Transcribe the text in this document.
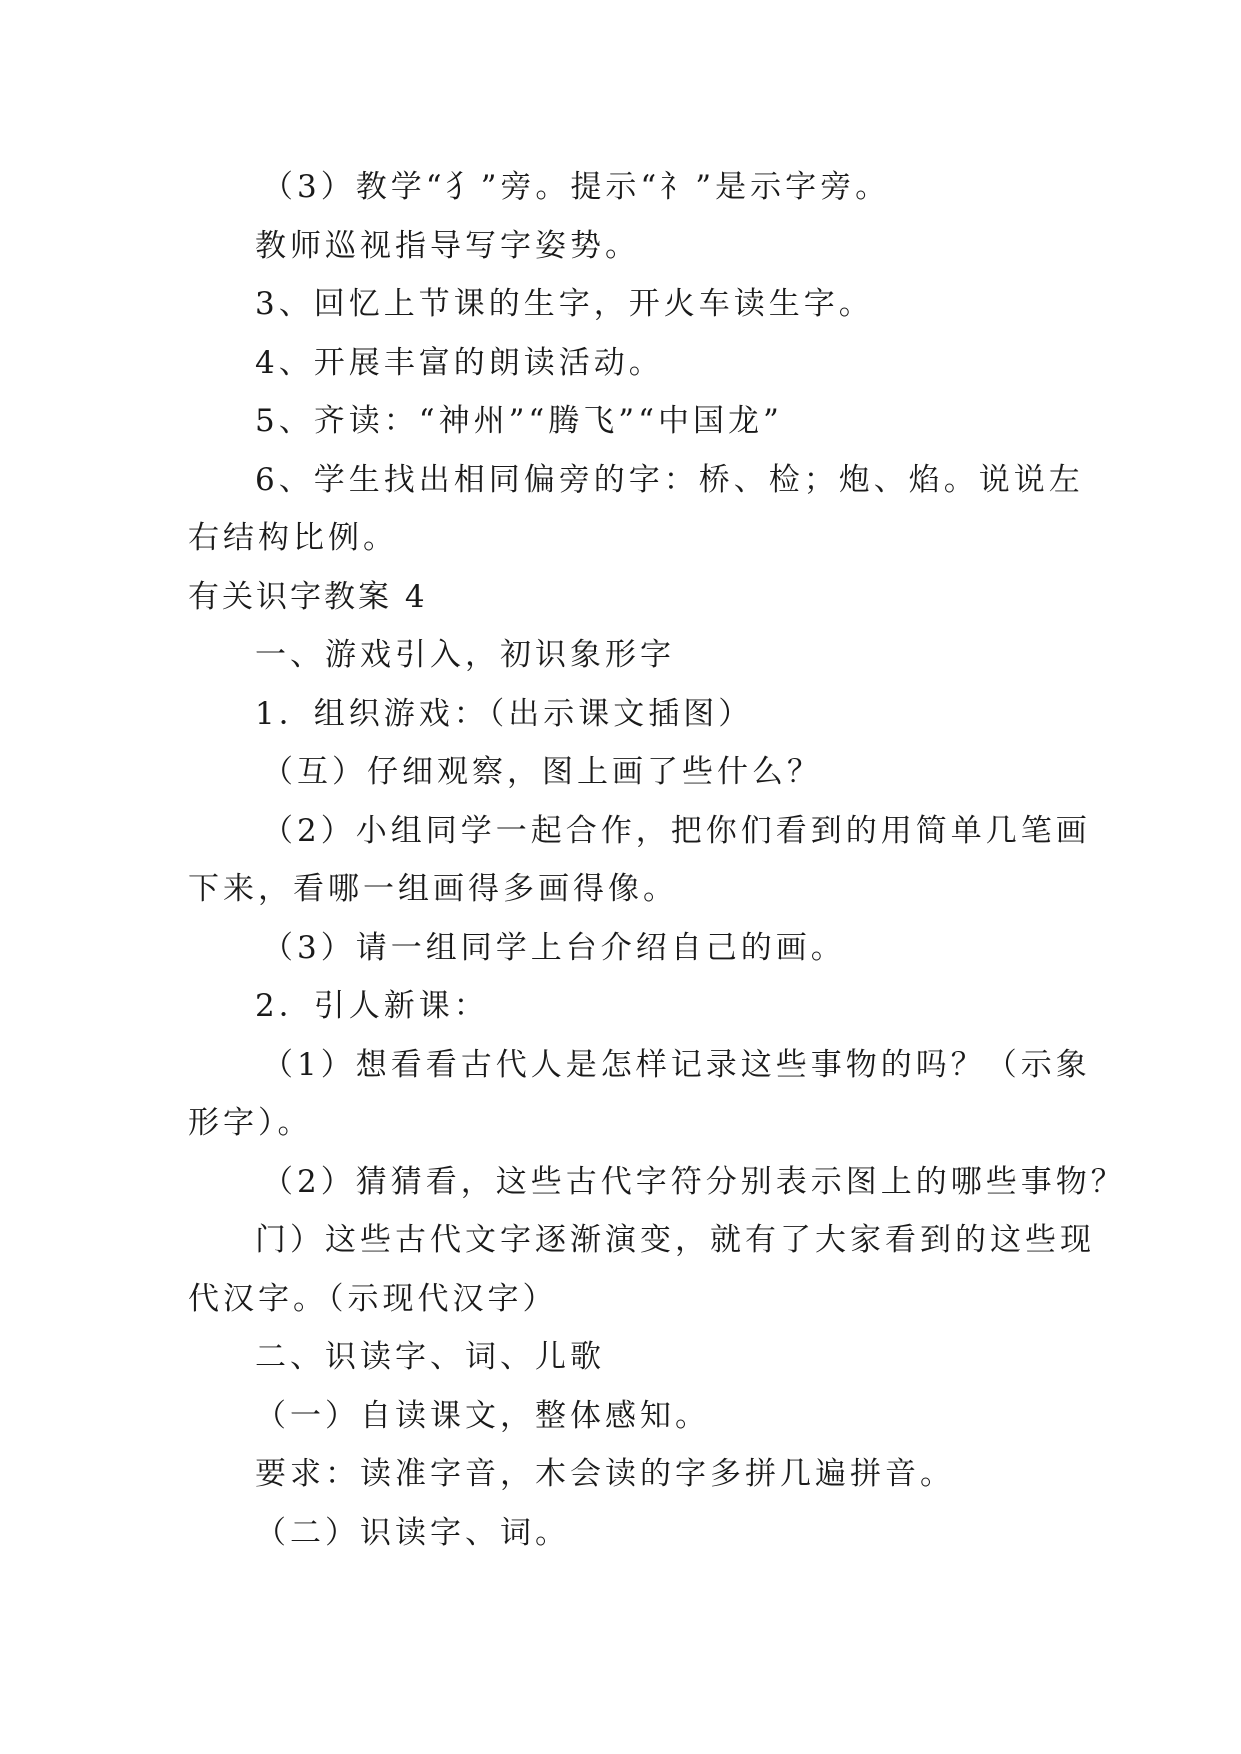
（3）教学“犭”旁。提示“礻”是示字旁。
教师巡视指导写字姿势。
3、回忆上节课的生字，开火车读生字。
4、开展丰富的朗读活动。
5、齐读：“神州”“腾飞”“中国龙”
6、学生找出相同偏旁的字：桥、检；炮、焰。说说左
右结构比例。
有关识字教案 4
一、游戏引入，初识象形字
1．组织游戏：（出示课文插图）
（互）仔细观察，图上画了些什么？
（2）小组同学一起合作，把你们看到的用简单几笔画
下来，看哪一组画得多画得像。
（3）请一组同学上台介绍自己的画。
2．引人新课：
（1）想看看古代人是怎样记录这些事物的吗？（示象
形字）。
（2）猜猜看，这些古代字符分别表示图上的哪些事物？
门）这些古代文字逐渐演变，就有了大家看到的这些现
代汉字。（示现代汉字）
二、识读字、词、儿歌
（一）自读课文，整体感知。
要求：读准字音，木会读的字多拼几遍拼音。
（二）识读字、词。
